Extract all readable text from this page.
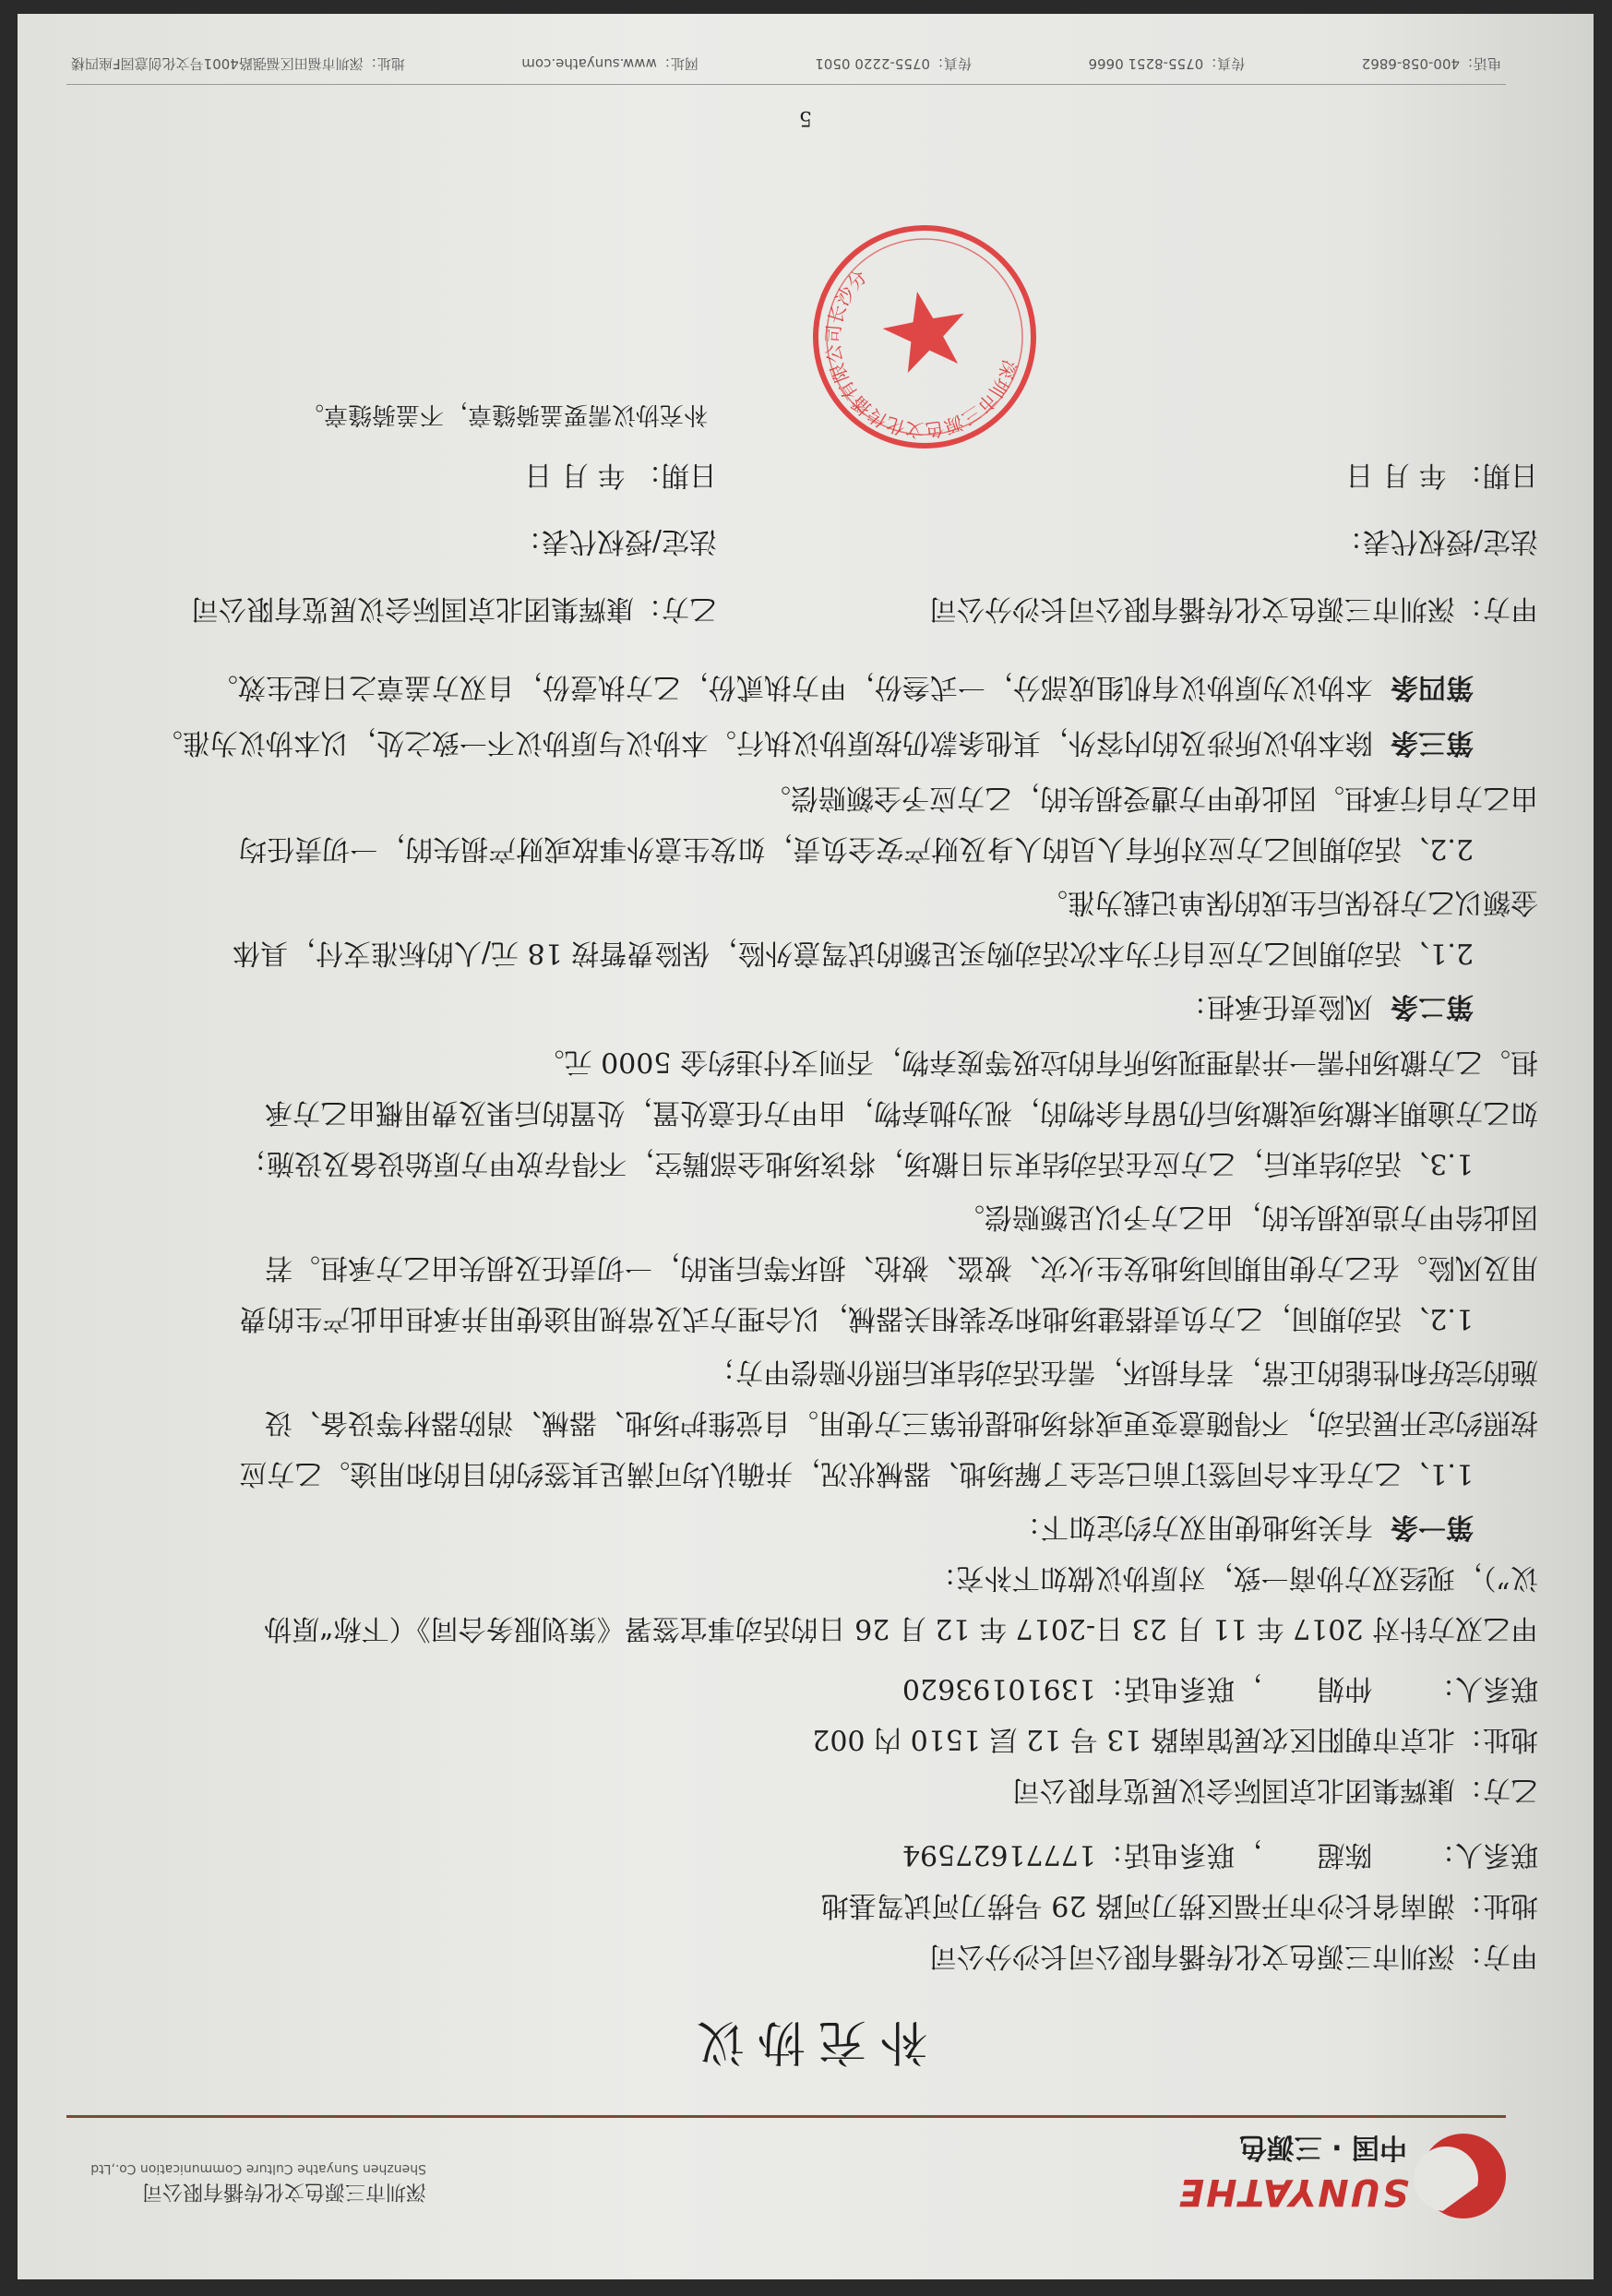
SUNYATHE
中国 · 三源色
深圳市三源色文化传播有限公司
Shenzhen Sunyathe Culture Communication Co.,Ltd
补充协议
甲方：深圳市三源色文化传播有限公司长沙分公司
地址：湖南省长沙市开福区捞刀河路 29 号捞刀河试驾基地
联系人： 陈超 ，联系电话：17771627594
乙方：康辉集团北京国际会议展览有限公司
地址：北京市朝阳区农展馆南路 13 号 12 层 1510 内 002
联系人： 仲娟 ，联系电话：13910193620
甲乙双方针对 2017 年 11 月 23 日-2017 年 12 月 26 日的活动事宜签署《策划服务合同》（下称“原协
议”），现经双方协商一致，对原协议做如下补充：
第一条  有关场地使用双方约定如下：
1.1、乙方在本合同签订前已完全了解场地、器械状况，并确认均可满足其签约的目的和用途。乙方应
按照约定开展活动，不得随意变更或将场地提供第三方使用。自觉维护场地、器械、消防器材等设备、设
施的完好和性能的正常，若有损坏，需在活动结束后照价赔偿甲方；
1.2、活动期间，乙方负责搭建场地和安装相关器械，以合理方式及常规用途使用并承担由此产生的费
用及风险。在乙方使用期间场地发生火灾、被盗、被抢、损坏等后果的，一切责任及损失由乙方承担。若
因此给甲方造成损失的，由乙方予以足额赔偿。
1.3、活动结束后，乙方应在活动结束当日撤场，将该场地全部腾空，不得存放甲方原始设备及设施；
如乙方逾期未撤场或撤场后仍留有余物的，视为抛弃物，由甲方任意处置，处置的后果及费用概由乙方承
担。乙方撤场时需一并清理现场所有的垃圾等废弃物，否则支付违约金 5000 元。
第二条  风险责任承担：
2.1、活动期间乙方应自行为本次活动购买足额的试驾意外险，保险费暂按 18 元/人的标准支付，具体
金额以乙方投保后生成的保单记载为准。
2.2、活动期间乙方应对所有人员的人身及财产安全负责，如发生意外事故或财产损失的，一切责任均
由乙方自行承担。因此使甲方遭受损失的，乙方应予全额赔偿。
第三条  除本协议所涉及的内容外，其他条款仍按原协议执行。本协议与原协议不一致之处，以本协议为准。
第四条  本协议为原协议有机组成部分，一式叁份，甲方执贰份，乙方执壹份，自双方盖章之日起生效。
甲方：深圳市三源色文化传播有限公司长沙分公司
乙方：康辉集团北京国际会议展览有限公司
法定/授权代表：
法定/授权代表：
日期： 年 月 日
日期： 年 月 日
补充协议需要盖骑缝章，不盖骑缝章。
深圳市三源色文化传播有限公司长沙分公司
5
电话：400-058-6862
传真：0755-8251 0666
传真：0755-2220 0501
网址：www.sunyathe.com
地址：深圳市福田区福强路4001号文化创意园F座四楼
